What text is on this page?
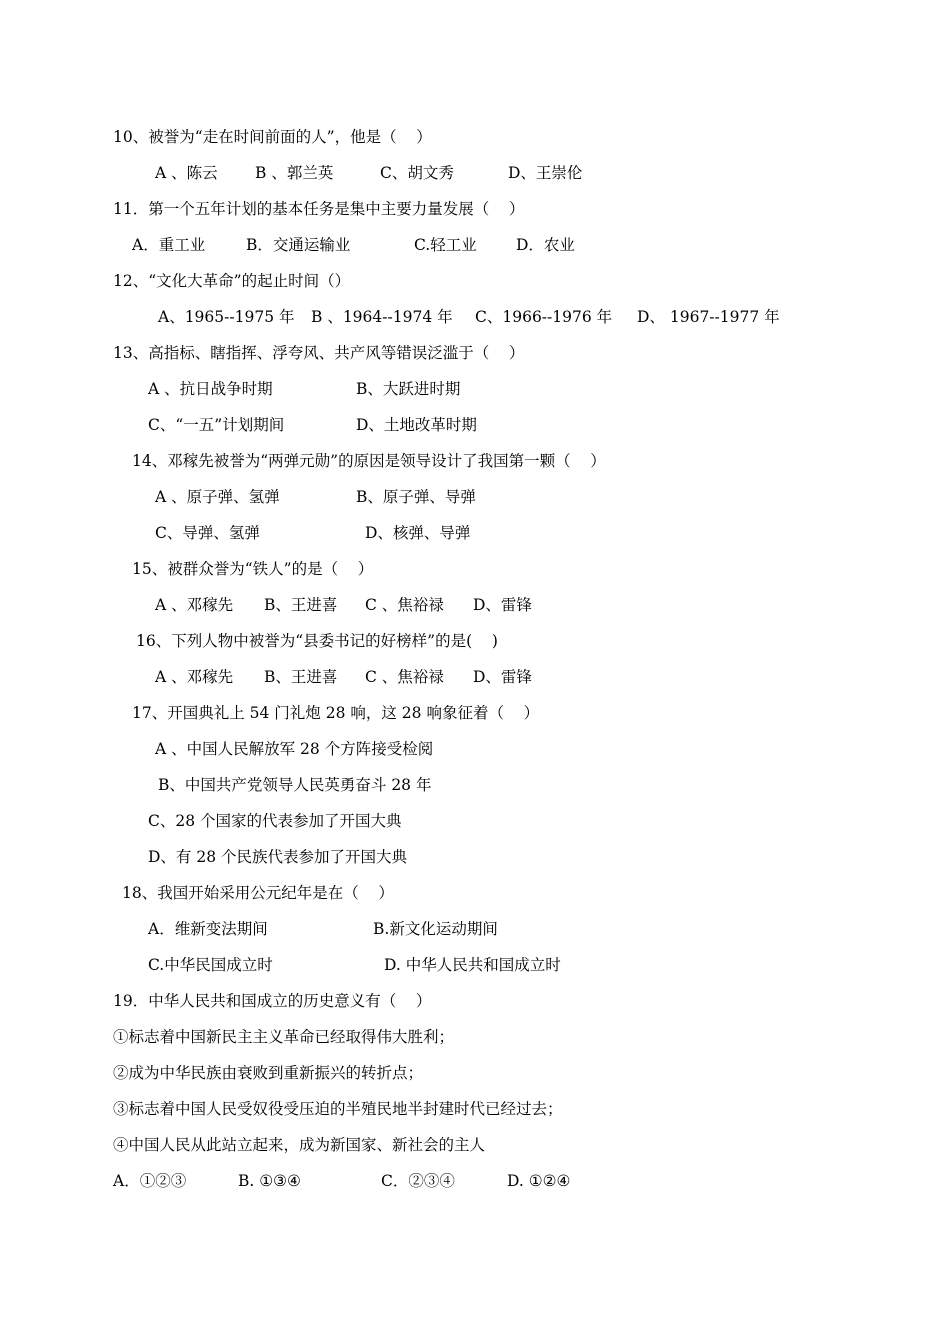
10、被誉为“走在时间前面的人”，他是（    ）
A 、陈云 B 、郭兰英	C、胡文秀	D、王崇伦
11．第一个五年计划的基本任务是集中主要力量发展（    ）
A．重工业	B．交通运输业	C.轻工业	D．农业
12、“文化大革命”的起止时间（）
A、1965--1975 年 B 、1964--1974 年 C、1966--1976 年 D、 1967--1977 年
13、高指标、瞎指挥、浮夸风、共产风等错误泛滥于（    ）
A 、抗日战争时期	B、大跃进时期
C、“一五”计划期间	D、土地改革时期
14、邓稼先被誉为“两弹元勋”的原因是领导设计了我国第一颗（    ）
A 、原子弹、氢弹	B、原子弹、导弹
C、导弹、氢弹	D、核弹、导弹
15、被群众誉为“铁人”的是（    ）
A 、邓稼先 B、王进喜 C 、焦裕禄 D、雷锋
16、下列人物中被誉为“县委书记的好榜样”的是(    )
A 、邓稼先 B、王进喜 C 、焦裕禄 D、雷锋
17、开国典礼上 54 门礼炮 28 响，这 28 响象征着（    ）
A 、中国人民解放军 28 个方阵接受检阅
B、中国共产党领导人民英勇奋斗 28 年
C、28 个国家的代表参加了开国大典
D、有 28 个民族代表参加了开国大典
18、我国开始采用公元纪年是在（    ）
A．维新变法期间	B.新文化运动期间
C.中华民国成立时	D. 中华人民共和国成立时
19．中华人民共和国成立的历史意义有（    ）
①标志着中国新民主主义革命已经取得伟大胜利；
②成为中华民族由衰败到重新振兴的转折点；
③标志着中国人民受奴役受压迫的半殖民地半封建时代已经过去；
④中国人民从此站立起来，成为新国家、新社会的主人
A．①②③	B. ①③④	C．②③④	D. ①②④
